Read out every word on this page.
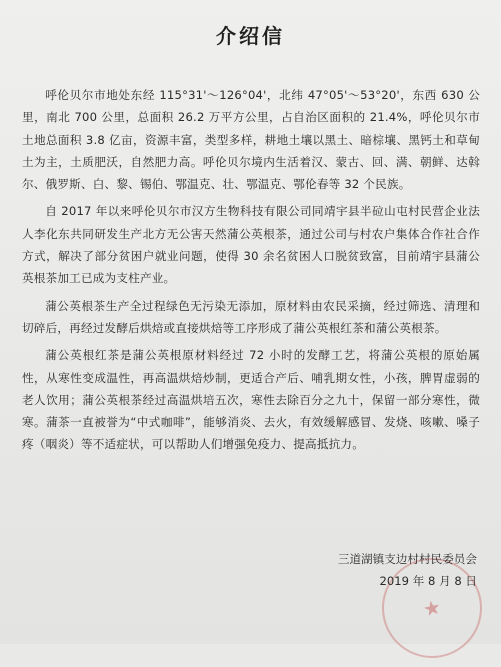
介绍信

呼伦贝尔市地处东经 115°31'～126°04'，北纬 47°05'～53°20'，东西 630 公里，南北 700 公里，总面积 26.2 万平方公里，占自治区面积的 21.4%，呼伦贝尔市土地总面积 3.8 亿亩，资源丰富，类型多样，耕地土壤以黑土、暗棕壤、黑钙土和草甸土为主，土质肥沃，自然肥力高。呼伦贝尔境内生活着汉、蒙古、回、满、朝鲜、达斡尔、俄罗斯、白、黎、锡伯、鄂温克、壮、鄂温克、鄂伦春等 32 个民族。

自 2017 年以来呼伦贝尔市汉方生物科技有限公司同靖宇县半砬山屯村民营企业法人李化东共同研发生产北方无公害天然蒲公英根茶，通过公司与村农户集体合作社合作方式，解决了部分贫困户就业问题，使得 30 余名贫困人口脱贫致富，目前靖宇县蒲公英根茶加工已成为支柱产业。

蒲公英根茶生产全过程绿色无污染无添加，原材料由农民采摘，经过筛选、清理和切碎后，再经过发酵后烘焙或直接烘焙等工序形成了蒲公英根红茶和蒲公英根茶。

蒲公英根红茶是蒲公英根原材料经过 72 小时的发酵工艺，将蒲公英根的原始属性，从寒性变成温性，再高温烘焙炒制，更适合产后、哺乳期女性，小孩，脾胃虚弱的老人饮用；蒲公英根茶经过高温烘培五次，寒性去除百分之九十，保留一部分寒性，微寒。蒲茶一直被誉为“中式咖啡”，能够消炎、去火，有效缓解感冒、发烧、咳嗽、嗓子疼（咽炎）等不适症状，可以帮助人们增强免疫力、提高抵抗力。

★
三道湖镇支边村村民委员会
2019 年 8 月 8 日
